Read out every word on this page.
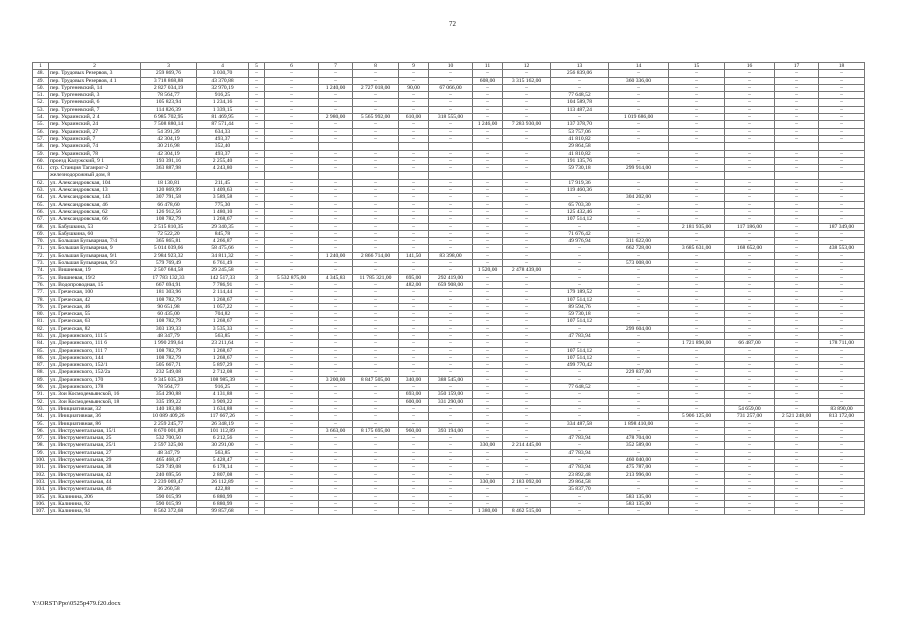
72
1	2	3	4	5	6	7	8	9	10	11	12	13	14	15	16	17	18
48.	пер. Трудовых Резервов, 3	259 869,76	3 030,70	–	–	–	–	–	–	–	–	256 839,06	–	–	–	–	–
49.	пер. Трудовых Резервов, 4 1	3 718 868,88	43 370,88	–	–	–	–	–	–	608,00	3 315 162,00	–	360 336,00	–	–	–	–
50.	пер. Тургеневский, 14	2 827 034,19	32 970,19	–	–	1 240,00	2 727 018,00	90,00	67 066,00	–	–	–	–	–	–	–	–
51.	пер. Тургеневский, 3	78 564,77	916,25	–	–	–	–	–	–	–	–	77 648,52	–	–	–	–	–
52.	пер. Тургеневский, 6	105 823,94	1 234,16	–	–	–	–	–	–	–	–	104 589,78	–	–	–	–	–
53.	пер. Тургеневский, 7	114 826,39	1 339,15	–	–	–	–	–	–	–	–	113 487,24	–	–	–	–	–
54.	пер. Украинский, 2 4	6 985 702,95	81 469,95	–	–	2 980,00	5 565 992,00	610,00	318 555,00	–	–	–	1 019 686,00	–	–	–	–
55.	пер. Украинский, 24	7 508 880,14	87 571,44	–	–	–	–	–	–	1 246,00	7 283 930,00	137 378,70	–	–	–	–	–
56.	пер. Украинский, 27	54 391,39	634,33	–	–	–	–	–	–	–	–	53 757,06	–	–	–	–	–
57.	пер. Украинский, 7	42 304,19	493,37	–	–	–	–	–	–	–	–	41 810,82	–	–	–	–	–
58.	пер. Украинский, 74	30 216,98	352,40									29 864,58					
59.	пер. Украинский, 78	42 304,19	493,37	–	–	–	–	–	–	–	–	41 810,82	–	–	–	–	–
60.	проезд Калужский, 9 1	193 391,16	2 255,40	–	–	–	–	–	–	–	–	191 135,76	–	–	–	–	–
61.	стр. Станция Таганрог-2	363 887,98	4 243,80	–	–	–	–	–	–	–	–	59 730,18	299 914,00	–	–	–	–
	железнодорожный дом, 8																
62.	ул. Александровская, 104	18 130,81	211,45	–	–	–	–	–	–	–	–	17 919,36	–	–	–	–	–
63.	ул. Александровская, 13	120 869,99	1 409,63	–	–	–	–	–	–	–	–	119 460,36	–	–	–	–	–
64.	ул. Александровская, 143	307 791,58	3 589,58	–	–	–	–	–	–	–	–	–	304 202,00	–	–	–	–
65.	ул. Александровская, 46	66 478,60	775,30	–	–	–	–	–	–	–	–	65 703,30	–	–	–	–	–
66.	ул. Александровская, 62	126 912,56	1 480,10	–	–	–	–	–	–	–	–	125 432,46	–	–	–	–	–
67.	ул. Александровская, 66	108 782,79	1 268,67	–	–	–	–	–	–	–	–	107 514,12	–	–	–	–	–
68.	ул. Бабушкина, 53	2 515 810,35	29 340,35	–	–	–	–	–	–	–	–	–	–	2 181 935,00	117 186,00	–	187 349,00
69.	ул. Бабушкина, 60	72 522,20	845,78	–	–	–	–	–	–	–	–	71 676,42	–	–	–	–	–
70.	ул. Большая Бульварная, 7/4	365 865,81	4 266,87	–	–	–	–	–	–	–	–	49 976,94	311 622,00	–	–	–	–
71.	ул. Большая Бульварная, 9	5 014 039,66	58 475,66	–	–	–	–	–	–	–	–	–	662 728,00	3 685 631,00	168 652,00	–	438 553,00
72.	ул. Большая Бульварная, 9/1	2 984 923,32	34 811,32	–	–	1 240,00	2 866 714,00	141,50	83 398,00	–	–	–	–	–	–	–	–
73.	ул. Большая Бульварная, 9/3	579 769,49	6 761,49	–	–	–	–	–	–	–	–	–	573 008,00	–	–	–	–
74.	ул. Вишневая, 19	2 507 684,58	29 245,58	–	–	–	–	–	–	1 520,00	2 478 439,00	–	–	–	–	–	–
75.	ул. Вишневая, 19/2	17 783 132,33	142 517,33	3	5 532 875,00	4 345,83	11 785 321,00	695,00	292 419,00	–	–	–	–	–	–	–	–
76.	ул. Водопроводная, 15	667 694,91	7 786,91	–	–	–	–	482,00	659 908,00	–	–	–	–	–	–	–	–
77.	ул. Греческая, 100	181 303,96	2 114,44	–	–	–	–	–	–	–	–	179 189,52	–	–	–	–	–
78.	ул. Греческая, 42	108 782,79	1 268,67	–	–	–	–	–	–	–	–	107 514,12	–	–	–	–	–
79.	ул. Греческая, 46	90 651,98	1 057,22	–	–	–	–	–	–	–	–	89 594,76	–	–	–	–	–
80.	ул. Греческая, 55	60 435,00	704,82	–	–	–	–	–	–	–	–	59 730,18	–	–	–	–	–
81.	ул. Греческая, 63	108 782,79	1 268,67	–	–	–	–	–	–	–	–	107 514,12	–	–	–	–	–
82.	ул. Греческая, 82	303 139,33	3 535,33	–	–	–	–	–	–	–	–	–	299 604,00	–	–	–	–
83.	ул. Дзержинского, 111 5	48 347,79	563,85	–	–	–	–	–	–	–	–	47 783,94	–	–	–	–	–
84.	ул. Дзержинского, 111 6	1 990 299,64	23 211,64	–	–	–	–	–	–	–	–	–	–	1 721 890,00	66 487,00	–	178 711,00
85.	ул. Дзержинского, 111 7	108 782,79	1 268,67	–	–	–	–	–	–	–	–	107 514,12	–	–	–	–	–
86.	ул. Дзержинского, 144	108 782,79	1 268,67	–	–	–	–	–	–	–	–	107 514,12	–	–	–	–	–
87.	ул. Дзержинского, 152/1	505 667,71	5 897,29	–	–	–	–	–	–	–	–	499 770,42	–	–	–	–	–
88.	ул. Дзержинского, 152/2а	232 549,08	2 712,08	–	–	–	–	–	–	–	–	–	229 837,00	–	–	–	–
89.	ул. Дзержинского, 170	9 345 035,39	108 985,39	–	–	3 200,00	8 847 505,00	340,00	388 545,00	–	–	–	–	–	–	–	–
90.	ул. Дзержинского, 178	78 564,77	916,25	–	–	–	–	–	–	–	–	77 648,52	–	–	–	–	–
91.	ул. Зои Космодемьянской, 16	354 290,88	4 131,88	–	–	–	–	693,00	350 159,00	–	–	–	–	–	–	–	–
92.	ул. Зои Космодемьянской, 18	335 199,22	3 909,22	–	–	–	–	600,00	331 290,00	–	–	–	–	–	–	–	–
93.	ул. Инициативная, 32	140 183,88	1 634,88	–	–	–	–	–	–	–	–	–	–	–	54 659,00	–	83 890,00
94.	ул. Инициативная, 36	10 089 409,26	117 667,26	–	–	–	–	–	–	–	–	–	–	5 906 125,00	731 257,00	2 521 248,00	813 172,00
95.	ул. Инициативная, 86	2 259 245,77	26 348,19	–	–	–	–	–	–	–	–	334 487,58	1 898 410,00	–	–	–	–
96.	ул. Инструментальная, 15/1	8 670 001,89	101 112,89	–	–	3 663,00	8 175 695,00	960,00	393 194,00	–	–	–	–	–	–	–	–
97.	ул. Инструментальная, 25	532 700,50	6 212,56	–	–	–	–	–	–	–	–	47 783,94	478 704,00	–	–	–	–
98.	ул. Инструментальная, 25/1	2 597 325,00	30 291,00	–	–	–	–	–	–	330,00	2 214 445,00	–	352 589,00	–	–	–	–
99.	ул. Инструментальная, 27	48 347,79	563,85	–	–	–	–	–	–	–	–	47 783,94	–	–	–	–	–
100.	ул. Инструментальная, 29	465 468,47	5 428,47	–	–	–	–	–	–	–	–	–	460 040,00	–	–	–	–
101.	ул. Инструментальная, 38	529 749,08	6 178,14	–	–	–	–	–	–	–	–	47 783,94	475 787,00	–	–	–	–
102.	ул. Инструментальная, 42	240 695,56	2 807,08	–	–	–	–	–	–	–	–	23 892,48	213 996,00	–	–	–	–
103.	ул. Инструментальная, 44	2 239 069,47	26 112,89	–	–	–	–	–	–	330,00	2 183 092,00	29 864,58	–	–	–	–	–
104.	ул. Инструментальная, 46	36 260,58	422,88	–	–	–	–	–	–	–	–	35 837,70	–	–	–	–	–
105.	ул. Калинина, 206	590 015,99	6 880,99	–	–	–	–	–	–	–	–	–	583 135,00	–	–	–	–
106.	ул. Калинина, 92	590 015,99	6 880,99	–	–	–	–	–	–	–	–	–	583 135,00	–	–	–	–
107.	ул. Калинина, 94	8 562 372,68	99 857,68	–	–	–	–	–	–	1 380,00	8 462 515,00	–	–	–	–	–	–
Y:\ORST\Ppo\0525p479.f20.docx
